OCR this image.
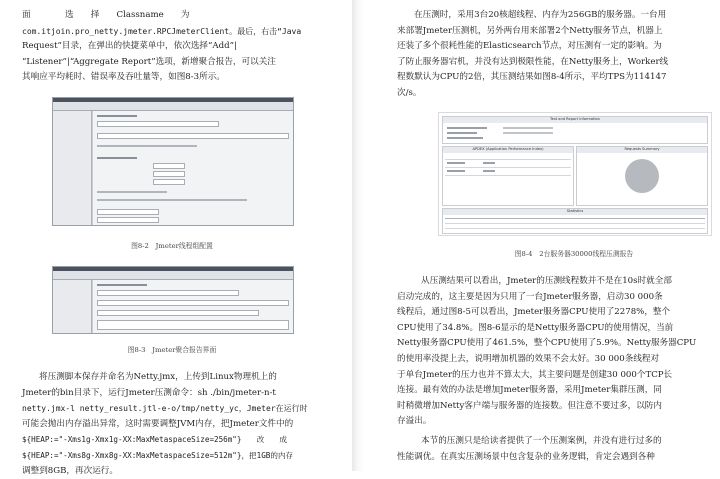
面　　　　选　　择　　Classname　　为
com.itjoin.pro_netty.jmeter.RPCJmeterClient。最后，右击“Java
Request”目录，在弹出的快捷菜单中，依次选择“Add”|
“Listener”|“Aggregate Report”选项，新增聚合报告，可以关注
其响应平均耗时、错误率及吞吐量等，如图8-3所示。
图8-2　Jmeter线程组配置
图8-3　Jmeter聚合报告界面
将压测脚本保存并命名为Netty.jmx，上传到Linux物理机上的
Jmeter的bin目录下，运行Jmeter压测命令：sh ./bin/jmeter-n-t
netty.jmx-l netty_result.jtl-e-o/tmp/netty_yc，Jmeter在运行时
可能会抛出内存溢出异常，这时需要调整JVM内存，把Jmeter文件中的
${HEAP:="-Xms1g-Xmx1g-XX:MaxMetaspaceSize=256m"}　　改　　成
${HEAP:="-Xms8g-Xmx8g-XX:MaxMetaspaceSize=512m"}，把1GB的内存
调整到8GB，再次运行。
在压测时，采用3台20核超线程、内存为256GB的服务器。一台用
来部署Jmeter压测机，另外两台用来部署2个Netty服务节点，机器上
还装了多个很耗性能的Elasticsearch节点，对压测有一定的影响。为
了防止服务器宕机，并没有达到极限性能，在Netty服务上，Worker线
程数默认为CPU的2倍，其压测结果如图8-4所示，平均TPS为114147
次/s。
Test and Report information
APDEX (Application Performance Index)	Requests Summary
Statistics
图8-4　2台服务器30000线程压测报告
从压测结果可以看出，Jmeter的压测线程数并不是在10s时就全部
启动完成的，这主要是因为只用了一台Jmeter服务器，启动30 000条
线程后，通过图8-5可以看出，Jmeter服务器CPU使用了2278%，整个
CPU使用了34.8%。图8-6显示的是Netty服务器CPU的使用情况，当前
Netty服务器CPU使用了461.5%，整个CPU使用了5.9%。Netty服务器CPU
的使用率没提上去，说明增加机器的效果不会太好。30 000条线程对
于单台Jmeter的压力也并不算太大，其主要问题是创建30 000个TCP长
连接。最有效的办法是增加Jmeter服务器，采用Jmeter集群压测，同
时稍微增加Netty客户端与服务器的连接数。但注意不要过多，以防内
存溢出。
本节的压测只是给读者提供了一个压测案例，并没有进行过多的
性能调优。在真实压测场景中包含复杂的业务逻辑，肯定会遇到各种
